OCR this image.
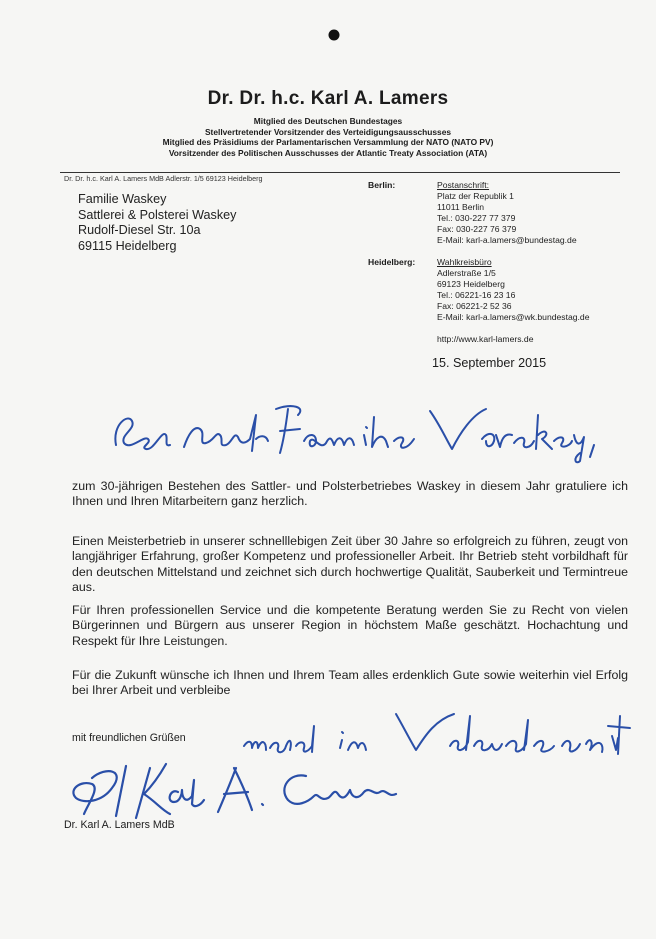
Dr. Dr. h.c. Karl A. Lamers
Mitglied des Deutschen Bundestages
Stellvertretender Vorsitzender des Verteidigungsausschusses
Mitglied des Präsidiums der Parlamentarischen Versammlung der NATO (NATO PV)
Vorsitzender des Politischen Ausschusses der Atlantic Treaty Association (ATA)
Dr. Dr. h.c. Karl A. Lamers MdB Adlerstr. 1/5 69123 Heidelberg
Familie Waskey
Sattlerei & Polsterei Waskey
Rudolf-Diesel Str. 10a
69115 Heidelberg
Berlin:	Postanschrift:
Platz der Republik 1
11011 Berlin
Tel.: 030-227 77 379
Fax: 030-227 76 379
E-Mail: karl-a.lamers@bundestag.de
Heidelberg:	Wahlkreisbüro
Adlerstraße 1/5
69123 Heidelberg
Tel.: 06221-16 23 16
Fax: 06221-2 52 36
E-Mail: karl-a.lamers@wk.bundestag.de
http://www.karl-lamers.de
15. September 2015
Sehr geehrte Familie Waskey,
zum 30-jährigen Bestehen des Sattler- und Polsterbetriebes Waskey in diesem Jahr gratuliere ich Ihnen und Ihren Mitarbeitern ganz herzlich.
Einen Meisterbetrieb in unserer schnelllebigen Zeit über 30 Jahre so erfolgreich zu führen, zeugt von langjähriger Erfahrung, großer Kompetenz und professioneller Arbeit. Ihr Betrieb steht vorbildhaft für den deutschen Mittelstand und zeichnet sich durch hochwertige Qualität, Sauberkeit und Termintreue aus.
Für Ihren professionellen Service und die kompetente Beratung werden Sie zu Recht von vielen Bürgerinnen und Bürgern aus unserer Region in höchstem Maße geschätzt. Hochachtung und Respekt für Ihre Leistungen.
Für die Zukunft wünsche ich Ihnen und Ihrem Team alles erdenklich Gute sowie weiterhin viel Erfolg bei Ihrer Arbeit und verbleibe
mit freundlichen Grüßen
und in Verbundenheit
Dr. Karl A. Lamers
Dr. Karl A. Lamers MdB
